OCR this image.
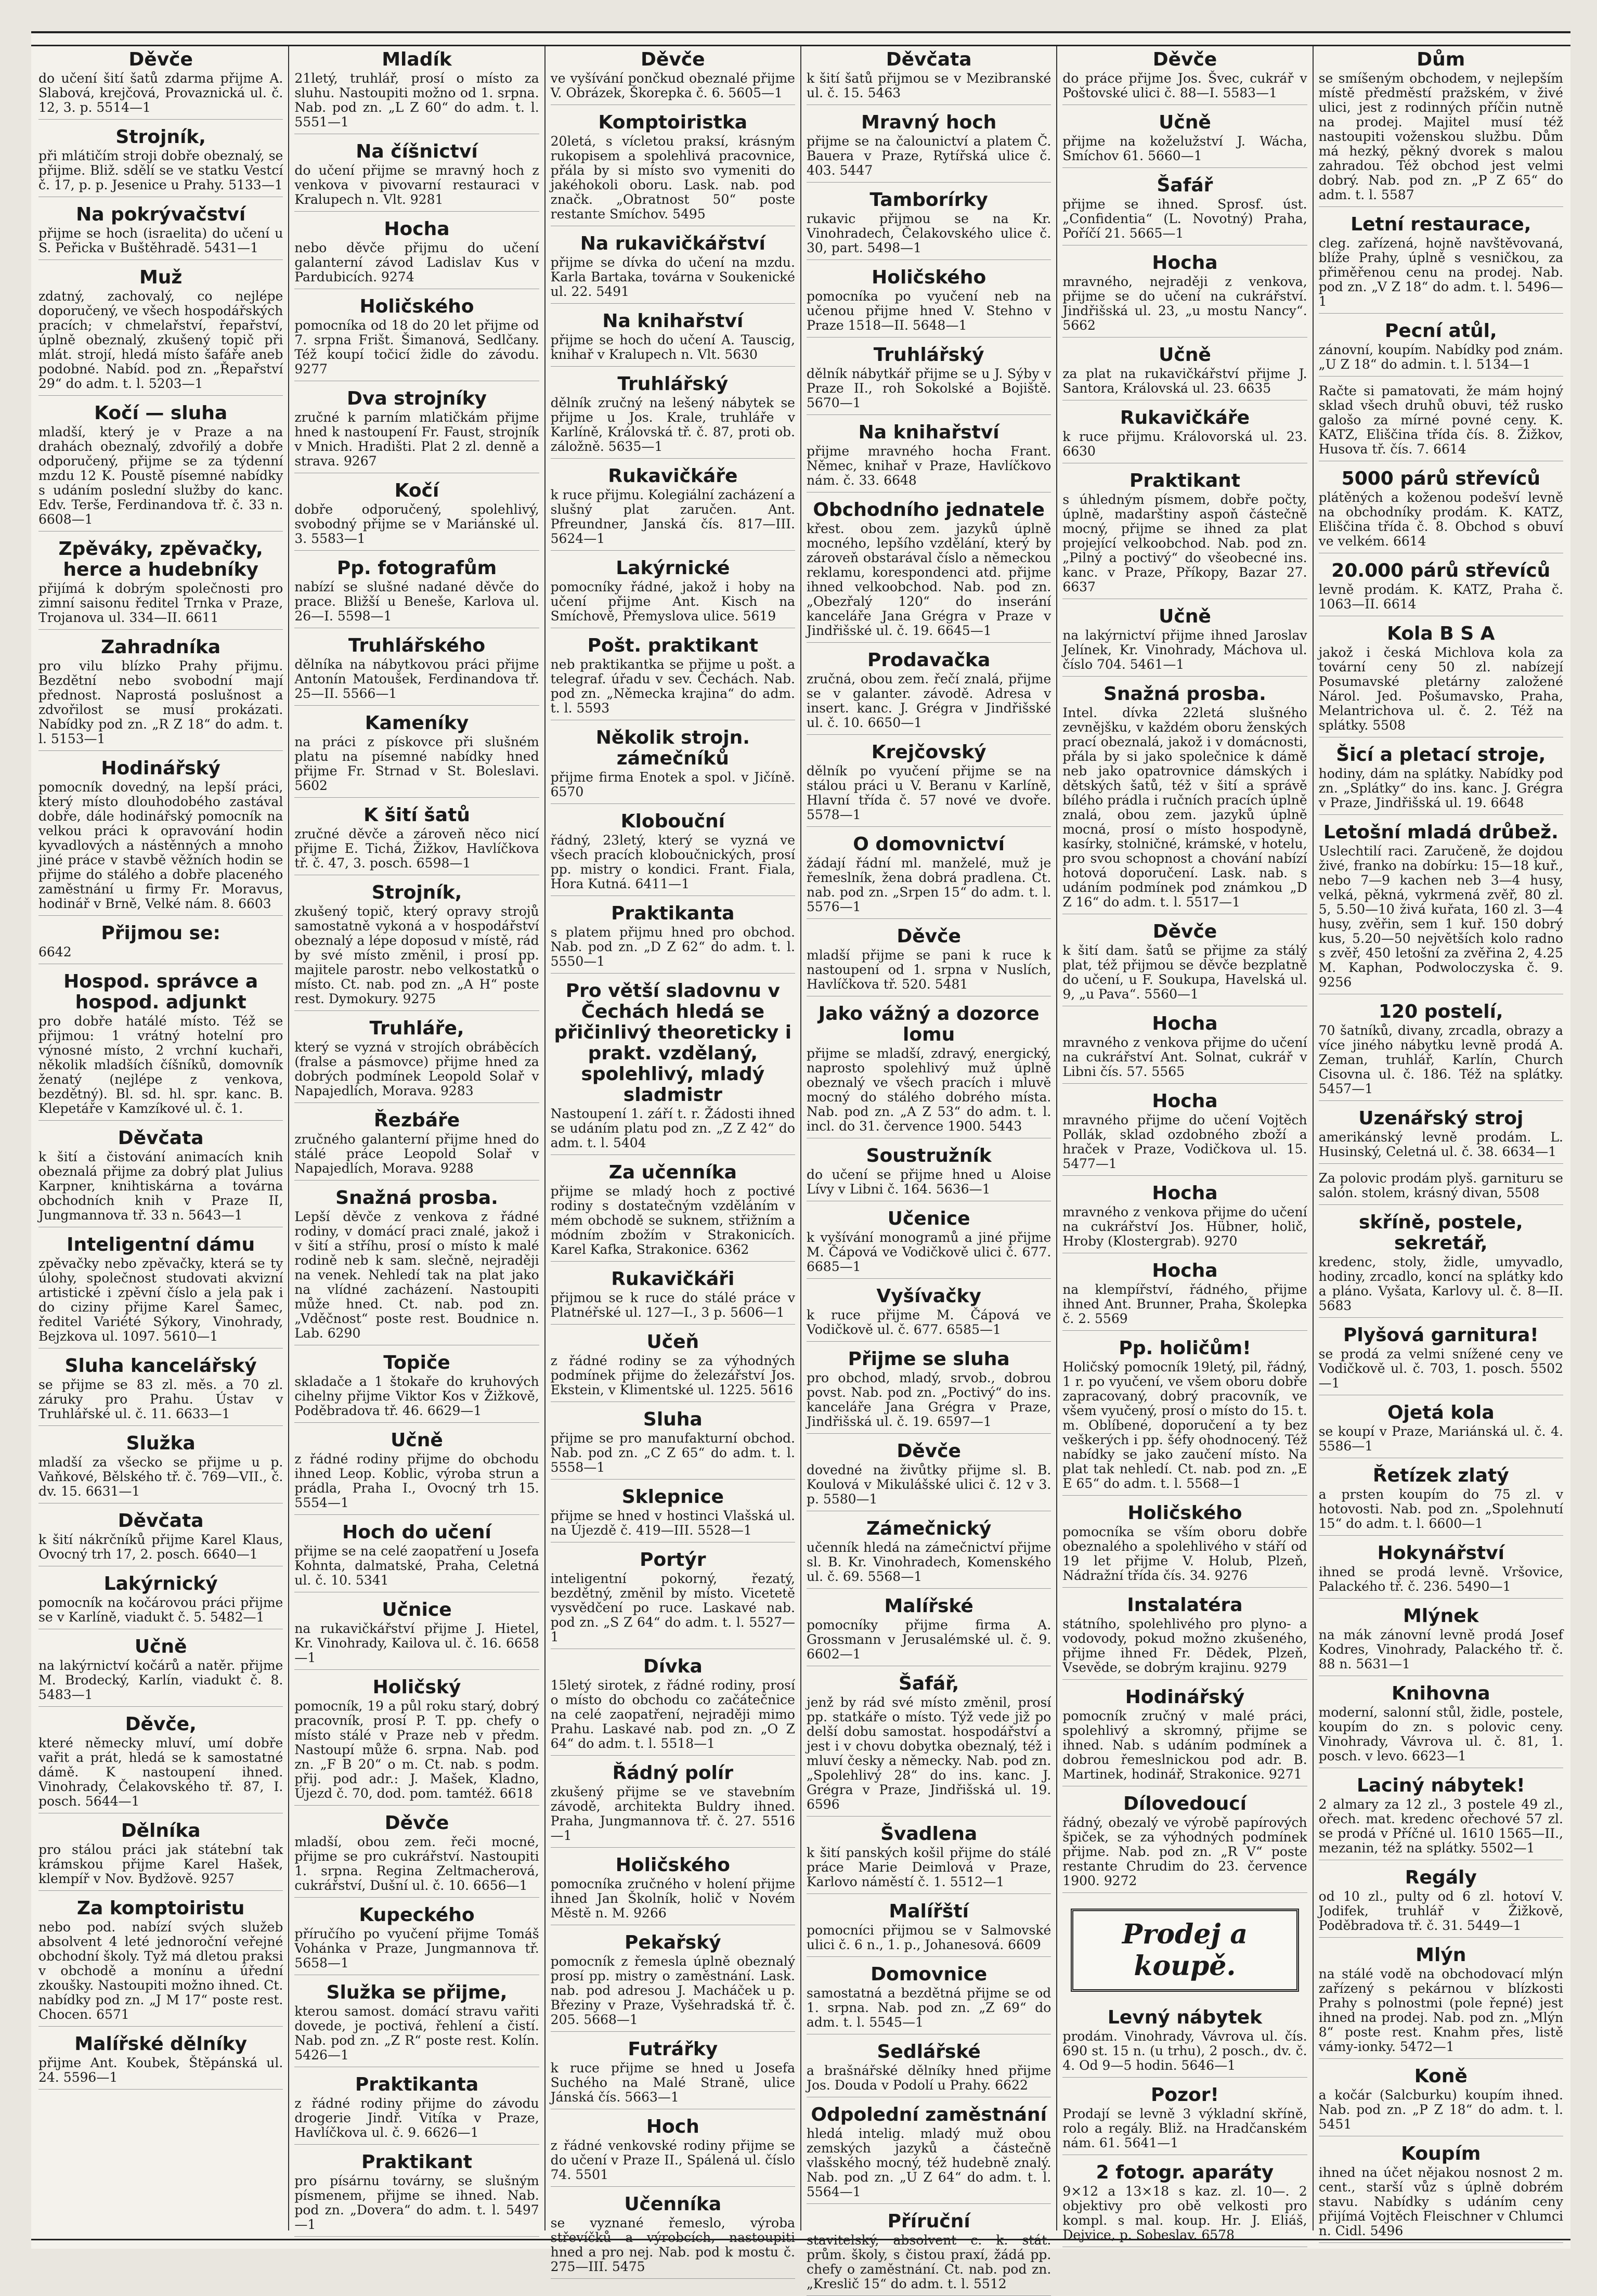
Děvče

do učení šití šatů zdarma přijme A. Slabová, krejčová, Provaznická ul. č. 12, 3. p. 5514—1

Strojník,

při mlátičím stroji dobře obeznalý, se přijme. Bliž. sdělí se ve statku Vestcí č. 17, p. p. Jesenice u Prahy. 5133—1

Na pokrývačství

přijme se hoch (israelita) do učení u S. Peřicka v Buštěhradě. 5431—1

Muž

zdatný, zachovalý, co nejlépe doporučený, ve všech hospodářských pracích; v chmelařství, řepařství, úplně obeznalý, zkušený topič při mlát. strojí, hledá místo šafáře aneb podobné. Nabíd. pod zn. „Řepařství 29“ do adm. t. l. 5203—1

Kočí — sluha

mladší, který je v Praze a na drahách obeznalý, zdvořilý a dobře odporučený, přijme se za týdenní mzdu 12 K. Poustě písemné nabídky s udáním poslední služby do kanc. Edv. Terše, Ferdinandova tř. č. 33 n. 6608—1

Zpěváky, zpěvačky, herce a hudebníky

přijímá k dobrým společnosti pro zimní saisonu ředitel Trnka v Praze, Trojanova ul. 334—II. 6611

Zahradníka

pro vilu blízko Prahy přijmu. Bezdětní nebo svobodní mají přednost. Naprostá poslušnost a zdvořilost se musí prokázati. Nabídky pod zn. „R Z 18“ do adm. t. l. 5153—1

Hodinářský

pomocník dovedný, na lepší práci, který místo dlouhodobého zastával dobře, dále hodinářský pomocník na velkou práci k opravování hodin kyvadlových a nástěnných a mnoho jiné práce v stavbě věžních hodin se přijme do stálého a dobře placeného zaměstnání u firmy Fr. Moravus, hodinář v Brně, Velké nám. 8. 6603

Přijmou se:

6642

Hospod. správce a hospod. adjunkt

pro dobře hatálé místo. Též se přijmou: 1 vrátný hotelní pro výnosné místo, 2 vrchní kuchaři, několik mladších číšníků, domovník ženatý (nejlépe z venkova, bezdětný). Bl. sd. hl. spr. kanc. B. Klepetáře v Kamzíkové ul. č. 1.

Děvčata

k šití a čistování animacích knih obeznalá přijme za dobrý plat Julius Karpner, knihtiskárna a továrna obchodních knih v Praze II, Jungmannova tř. 33 n. 5643—1

Inteligentní dámu

zpěvačky nebo zpěvačky, která se ty úlohy, společnost studovati akvizní artistické i zpěvní číslo a jela pak i do ciziny přijme Karel Šamec, ředitel Variété Sýkory, Vinohrady, Bejzkova ul. 1097. 5610—1

Sluha kancelářský

se přijme se 83 zl. měs. a 70 zl. záruky pro Prahu. Ústav v Truhlářské ul. č. 11. 6633—1

Služka

mladší za všecko se přijme u p. Vaňkové, Bělského tř. č. 769—VII., č. dv. 15. 6631—1

Děvčata

k šití nákrčníků přijme Karel Klaus, Ovocný trh 17, 2. posch. 6640—1

Lakýrnický

pomocník na kočárovou práci přijme se v Karlíně, viadukt č. 5. 5482—1

Učně

na lakýrnictví kočárů a natěr. přijme M. Brodecký, Karlín, viadukt č. 8. 5483—1

Děvče,

které německy mluví, umí dobře vařit a prát, hledá se k samostatné dámě. K nastoupení ihned. Vinohrady, Čelakovského tř. 87, I. posch. 5644—1

Dělníka

pro stálou práci jak státební tak krámskou přijme Karel Hašek, klempíř v Nov. Bydžově. 9257

Za komptoiristu

nebo pod. nabízí svých služeb absolvent 4 leté jednoroční veřejné obchodní školy. Tyž má dletou praksi v obchodě a monínu a úřední zkoušky. Nastoupiti možno ihned. Ct. nabídky pod zn. „J M 17“ poste rest. Chocen. 6571

Malířské dělníky

přijme Ant. Koubek, Štěpánská ul. 24. 5596—1

Mladík

21letý, truhlář, prosí o místo za sluhu. Nastoupiti možno od 1. srpna. Nab. pod zn. „L Z 60“ do adm. t. l. 5551—1

Na číšnictví

do učení přijme se mravný hoch z venkova v pivovarní restauraci v Kralupech n. Vlt. 9281

Hocha

nebo děvče přijmu do učení galanterní závod Ladislav Kus v Pardubicích. 9274

Holičského

pomocníka od 18 do 20 let přijme od 7. srpna Frišt. Šimanová, Sedlčany. Též koupí točicí židle do závodu. 9277

Dva strojníky

zručné k parním mlatičkám přijme hned k nastoupení Fr. Faust, strojník v Mnich. Hradišti. Plat 2 zl. denně a strava. 9267

Kočí

dobře odporučený, spolehlivý, svobodný přijme se v Mariánské ul. 3. 5583—1

Pp. fotografům

nabízí se slušné nadané děvče do prace. Bližší u Beneše, Karlova ul. 26—I. 5598—1

Truhlářského

dělníka na nábytkovou práci přijme Antonín Matoušek, Ferdinandova tř. 25—II. 5566—1

Kameníky

na práci z pískovce při slušném platu na písemné nabídky hned přijme Fr. Strnad v St. Boleslavi. 5602

K šití šatů

zručné děvče a zároveň něco nicí přijme E. Tichá, Žižkov, Havlíčkova tř. č. 47, 3. posch. 6598—1

Strojník,

zkušený topič, který opravy strojů samostatně vykoná a v hospodářství obeznalý a lépe doposud v místě, rád by své místo změnil, i prosí pp. majitele parostr. nebo velkostatků o místo. Ct. nab. pod zn. „A H“ poste rest. Dymokury. 9275

Truhláře,

který se vyzná v strojích obráběcích (fralse a pásmovce) přijme hned za dobrých podmínek Leopold Solař v Napajedlích, Morava. 9283

Řezbáře

zručného galanterní přijme hned do stálé práce Leopold Solař v Napajedlích, Morava. 9288

Snažná prosba.

Lepší děvče z venkova z řádné rodiny, v domácí praci znalé, jakož i v šití a stříhu, prosí o místo k malé rodině neb k sam. slečně, nejraději na venek. Nehledí tak na plat jako na vlídné zacházení. Nastoupiti může hned. Ct. nab. pod zn. „Vděčnost“ poste rest. Boudnice n. Lab. 6290

Topiče

skladače a 1 štokaře do kruhových cihelny přijme Viktor Kos v Žižkově, Poděbradova tř. 46. 6629—1

Učně

z řádné rodiny přijme do obchodu ihned Leop. Koblic, výroba strun a prádla, Praha I., Ovocný trh 15. 5554—1

Hoch do učení

přijme se na celé zaopatření u Josefa Kohnta, dalmatské, Praha, Celetná ul. č. 10. 5341

Učnice

na rukavičkářství přijme J. Hietel, Kr. Vinohrady, Kailova ul. č. 16. 6658—1

Holičský

pomocník, 19 a půl roku starý, dobrý pracovník, prosí P. T. pp. chefy o místo stálé v Praze neb v předm. Nastoupí může 6. srpna. Nab. pod zn. „F B 20“ o m. Ct. nab. s podm. přij. pod adr.: J. Mašek, Kladno, Újezd č. 70, dod. pom. tamtéž. 6618

Děvče

mladší, obou zem. řeči mocné, přijme se pro cukrářství. Nastoupiti 1. srpna. Regina Zeltmacherová, cukrářství, Dušní ul. č. 10. 6656—1

Kupeckého

příručího po vyučení přijme Tomáš Vohánka v Praze, Jungmannova tř. 5658—1

Služka se přijme,

kterou samost. domácí stravu vařiti dovede, je poctivá, řehlení a čistí. Nab. pod zn. „Z R“ poste rest. Kolín. 5426—1

Praktikanta

z řádné rodiny přijme do závodu drogerie Jindř. Vitíka v Praze, Havlíčkova ul. č. 9. 6626—1

Praktikant

pro písárnu továrny, se slušným písmenem, přijme se ihned. Nab. pod zn. „Dovera“ do adm. t. l. 5497—1

Děvče

ve vyšívání pončkud obeznalé přijme V. Obrázek, Škorepka č. 6. 5605—1

Komptoiristka

20letá, s vícletou praksí, krásným rukopisem a spolehlivá pracovnice, přála by si místo svo vymeniti do jakéhokoli oboru. Lask. nab. pod značk. „Obratnost 50“ poste restante Smíchov. 5495

Na rukavičkářství

přijme se dívka do učení na mzdu. Karla Bartaka, továrna v Soukenické ul. 22. 5491

Na knihařství

přijme se hoch do učení A. Tauscig, knihař v Kralupech n. Vlt. 5630

Truhlářský

dělník zručný na lešený nábytek se přijme u Jos. Krale, truhláře v Karlíně, Královská tř. č. 87, proti ob. záložně. 5635—1

Rukavičkáře

k ruce přijmu. Kolegiální zacházení a slušný plat zaručen. Ant. Pfreundner, Janská čís. 817—III. 5624—1

Lakýrnické

pomocníky řádné, jakož i hoby na učení přijme Ant. Kisch na Smíchově, Přemyslova ulice. 5619

Pošt. praktikant

neb praktikantka se přijme u pošt. a telegraf. úřadu v sev. Čechách. Nab. pod zn. „Německa krajina“ do adm. t. l. 5593

Několik strojn. zámečníků

přijme firma Enotek a spol. v Jičíně. 6570

Klobouční

řádný, 23letý, který se vyzná ve všech pracích kloboučnických, prosí pp. mistry o kondici. Frant. Fiala, Hora Kutná. 6411—1

Praktikanta

s platem přijmu hned pro obchod. Nab. pod zn. „D Z 62“ do adm. t. l. 5550—1

Pro větší sladovnu v Čechách hledá se přičinlivý theoreticky i prakt. vzdělaný, spolehlivý, mladý sladmistr

Nastoupení 1. září t. r. Žádosti ihned se udáním platu pod zn. „Z Z 42“ do adm. t. l. 5404

Za učenníka

přijme se mladý hoch z poctivé rodiny s dostatečným vzděláním v mém obchodě se suknem, střižním a módním zbožím v Strakonicích. Karel Kafka, Strakonice. 6362

Rukavičkáři

přijmou se k ruce do stálé práce v Platnéřské ul. 127—I., 3 p. 5606—1

Učeň

z řádné rodiny se za výhodných podmínek přijme do železářství Jos. Ekstein, v Klimentské ul. 1225. 5616

Sluha

přijme se pro manufakturní obchod. Nab. pod zn. „C Z 65“ do adm. t. l. 5558—1

Sklepnice

přijme se hned v hostinci Vlašská ul. na Újezdě č. 419—III. 5528—1

Portýr

inteligentní pokorný, řezatý, bezdětný, změnil by místo. Vicetetě vysvědčení po ruce. Laskavé nab. pod zn. „S Z 64“ do adm. t. l. 5527—1

Dívka

15letý sirotek, z řádné rodiny, prosí o místo do obchodu co začátečnice na celé zaopatření, nejraději mimo Prahu. Laskavé nab. pod zn. „O Z 64“ do adm. t. l. 5518—1

Řádný polír

zkušený přijme se ve stavebním závodě, architekta Buldry ihned. Praha, Jungmannova tř. č. 27. 5516—1

Holičského

pomocníka zručného v holení přijme ihned Jan Školník, holič v Novém Městě n. M. 9266

Pekařský

pomocník z řemesla úplně obeznalý prosí pp. mistry o zaměstnání. Lask. nab. pod adresou J. Macháček u p. Březiny v Praze, Vyšehradská tř. č. 205. 5668—1

Futrářky

k ruce přijme se hned u Josefa Suchého na Malé Straně, ulice Jánská čís. 5663—1

Hoch

z řádné venkovské rodiny přijme se do učení v Praze II., Spálená ul. číslo 74. 5501

Učenníka

se vyznané řemeslo, výroba střevíčků a výrobcích, nastoupiti hned a pro nej. Nab. pod k mostu č. 275—III. 5475

Děvčata

k šití šatů přijmou se v Mezibranské ul. č. 15. 5463

Mravný hoch

přijme se na čalounictví a platem Č. Bauera v Praze, Rytířská ulice č. 403. 5447

Tamborírky

rukavic přijmou se na Kr. Vinohradech, Čelakovského ulice č. 30, part. 5498—1

Holičského

pomocníka po vyučení neb na učenou přijme hned V. Stehno v Praze 1518—II. 5648—1

Truhlářský

dělník nábytkář přijme se u J. Sýby v Praze II., roh Sokolské a Bojiště. 5670—1

Na knihařství

přijme mravného hocha Frant. Němec, knihař v Praze, Havlíčkovo nám. č. 33. 6648

Obchodního jednatele

křest. obou zem. jazyků úplně mocného, lepšího vzdělání, který by zároveň obstarával číslo a německou reklamu, korespondenci atd. přijme ihned velkoobchod. Nab. pod zn. „Obezřalý 120“ do inserání kanceláře Jana Grégra v Praze v Jindřišské ul. č. 19. 6645—1

Prodavačka

zručná, obou zem. řečí znalá, přijme se v galanter. závodě. Adresa v insert. kanc. J. Grégra v Jindřišské ul. č. 10. 6650—1

Krejčovský

dělník po vyučení přijme se na stálou práci u V. Beranu v Karlíně, Hlavní třída č. 57 nové ve dvoře. 5578—1

O domovnictví

žádají řádní ml. manželé, muž je řemeslník, žena dobrá pradlena. Ct. nab. pod zn. „Srpen 15“ do adm. t. l. 5576—1

Děvče

mladší přijme se pani k ruce k nastoupení od 1. srpna v Nuslích, Havlíčkova tř. 520. 5481

Jako vážný a dozorce lomu

přijme se mladší, zdravý, energický, naprosto spolehlivý muž úplně obeznalý ve všech pracích i mluvě mocný do stálého dobrého místa. Nab. pod zn. „A Z 53“ do adm. t. l. incl. do 31. července 1900. 5443

Soustružník

do učení se přijme hned u Aloise Lívy v Libni č. 164. 5636—1

Učenice

k vyšívání monogramů a jiné přijme M. Čápová ve Vodičkově ulici č. 677. 6685—1

Vyšívačky

k ruce přijme M. Čápová ve Vodičkově ul. č. 677. 6585—1

Přijme se sluha

pro obchod, mladý, srvob., dobrou povst. Nab. pod zn. „Poctivý“ do ins. kanceláře Jana Grégra v Praze, Jindřišská ul. č. 19. 6597—1

Děvče

dovedné na živůtky přijme sl. B. Koulová v Mikulášské ulici č. 12 v 3. p. 5580—1

Zámečnický

učenník hledá na zámečnictví přijme sl. B. Kr. Vinohradech, Komenského ul. č. 69. 5568—1

Malířské

pomocníky přijme firma A. Grossmann v Jerusalémské ul. č. 9. 6602—1

Šafář,

jenž by rád své místo změnil, prosí pp. statkáře o místo. Týž vede již po delší dobu samostat. hospodářství a jest i v chovu dobytka obeznalý, též i mluví česky a německy. Nab. pod zn. „Spolehlivý 28“ do ins. kanc. J. Grégra v Praze, Jindřišská ul. 19. 6596

Švadlena

k šití panských košil přijme do stálé práce Marie Deimlová v Praze, Karlovo náměstí č. 1. 5512—1

Malířští

pomocníci přijmou se v Salmovské ulici č. 6 n., 1. p., Johanesová. 6609

Domovnice

samostatná a bezdětná přijme se od 1. srpna. Nab. pod zn. „Z 69“ do adm. t. l. 5545—1

Sedlářské

a brašnářské dělníky hned přijme Jos. Douda v Podolí u Prahy. 6622

Odpolední zaměstnání

hledá intelig. mladý muž obou zemských jazyků a částečně vlašského mocný, též hudebně znalý. Nab. pod zn. „U Z 64“ do adm. t. l. 5564—1

Příruční

stavitelský, absolvent c. k. stát. prům. školy, s čistou praxí, žádá pp. chefy o zaměstnání. Ct. nab. pod zn. „Kreslič 15“ do adm. t. l. 5512

Děvče

do práce přijme Jos. Švec, cukrář v Poštovské ulici č. 88—I. 5583—1

Učně

přijme na koželužství J. Wácha, Smíchov 61. 5660—1

Šafář

přijme se ihned. Sprosf. úst. „Confidentia“ (L. Novotný) Praha, Poříčí 21. 5665—1

Hocha

mravného, nejraději z venkova, přijme se do učení na cukrářství. Jindřišská ul. 23, „u mostu Nancy“. 5662

Učně

za plat na rukavičkářství přijme J. Santora, Královská ul. 23. 6635

Rukavičkáře

k ruce přijmu. Královorská ul. 23. 6630

Praktikant

s úhledným písmem, dobře počty, úplně, madarštiny aspoň částečně mocný, přijme se ihned za plat projející velkoobchod. Nab. pod zn. „Pilný a poctivý“ do všeobecné ins. kanc. v Praze, Příkopy, Bazar 27. 6637

Učně

na lakýrnictví přijme ihned Jaroslav Jelínek, Kr. Vinohrady, Máchova ul. číslo 704. 5461—1

Snažná prosba.

Intel. dívka 22letá slušného zevnějšku, v každém oboru ženských prací obeznalá, jakož i v domácnosti, přála by si jako společnice k dámě neb jako opatrovnice dámských i dětských šatů, též v šití a správě bílého prádla i ručních pracích úplně znalá, obou zem. jazyků úplně mocná, prosí o místo hospodyně, kasírky, stolničné, krámské, v hotelu, pro svou schopnost a chování nabízí hotová doporučení. Lask. nab. s udáním podmínek pod známkou „D Z 16“ do adm. t. l. 5517—1

Děvče

k šití dam. šatů se přijme za stálý plat, též přijmou se děvče bezplatně do učení, u F. Soukupa, Havelská ul. 9, „u Pava“. 5560—1

Hocha

mravného z venkova přijme do učení na cukrářství Ant. Solnat, cukrář v Libni čís. 57. 5565

Hocha

mravného přijme do učení Vojtěch Pollák, sklad ozdobného zboží a hraček v Praze, Vodičkova ul. 15. 5477—1

Hocha

mravného z venkova přijme do učení na cukrářství Jos. Hübner, holič, Hroby (Klostergrab). 9270

Hocha

na klempířství, řádného, přijme ihned Ant. Brunner, Praha, Školepka č. 2. 5569

Pp. holičům!

Holičský pomocník 19letý, pil, řádný, 1 r. po vyučení, ve všem oboru dobře zapracovaný, dobrý pracovník, ve všem vyučený, prosí o místo do 15. t. m. Oblíbené, doporučení a ty bez veškerých i pp. šéfy ohodnocený. Též nabídky se jako zaučení místo. Na plat tak nehledí. Ct. nab. pod zn. „E E 65“ do adm. t. l. 5568—1

Holičského

pomocníka se vším oboru dobře obeznalého a spolehlivého v stáří od 19 let přijme V. Holub, Plzeň, Nádražní třída čís. 34. 9276

Instalatéra

státního, spolehlivého pro plyno- a vodovody, pokud možno zkušeného, přijme ihned Fr. Dědek, Plzeň, Vsevěde, se dobrým krajinu. 9279

Hodinářský

pomocník zručný v malé práci, spolehlivý a skromný, přijme se ihned. Nab. s udáním podmínek a dobrou řemeslnickou pod adr. B. Martinek, hodinář, Strakonice. 9271

Dílovedoucí

řádný, obezalý ve výrobě papírových špiček, se za výhodných podmínek přijme. Nab. pod zn. „R V“ poste restante Chrudim do 23. července 1900. 9272

Prodej a koupě.
Levný nábytek

prodám. Vinohrady, Vávrova ul. čís. 690 st. 15 n. (u trhu), 2 posch., dv. č. 4. Od 9—5 hodin. 5646—1

Pozor!

Prodají se levně 3 výkladní skříně, rolo a regály. Bliž. na Hradčanském nám. 61. 5641—1

2 fotogr. aparáty

9×12 a 13×18 s kaz. zl. 10—. 2 objektivy pro obě velkosti pro kompl. s mal. koup. Hr. J. Eliáš, Dejvice, p. Sobeslav. 6578

Dům

se smíšeným obchodem, v nejlepším místě předměstí pražském, v živé ulici, jest z rodinných příčin nutně na prodej. Majitel musí též nastoupiti voženskou službu. Dům má hezký, pěkný dvorek s malou zahradou. Též obchod jest velmi dobrý. Nab. pod zn. „P Z 65“ do adm. t. l. 5587

Letní restaurace,

cleg. zařízená, hojně navštěvovaná, blíže Prahy, úplně s vesničkou, za přiměřenou cenu na prodej. Nab. pod zn. „V Z 18“ do adm. t. l. 5496—1

Pecní atůl,

zánovní, koupím. Nabídky pod znám. „U Z 18“ do admin. t. l. 5134—1

Račte si pamatovati, že mám hojný sklad všech druhů obuvi, též rusko galošo za mírné povné ceny. K. KATZ, Eliščina třída čís. 8. Žižkov, Husova tř. čís. 7. 6614

5000 párů střevíců

plátěných a koženou podešví levně na obchodníky prodám. K. KATZ, Eliščina třída č. 8. Obchod s obuví ve velkém. 6614

20.000 párů střevíců

levně prodám. K. KATZ, Praha č. 1063—II. 6614

Kola B S A

jakož i česká Michlova kola za tovární ceny 50 zl. nabízejí Posumavské pletárny založené Nárol. Jed. Pošumavsko, Praha, Melantrichova ul. č. 2. Též na splátky. 5508

Šicí a pletací stroje,

hodiny, dám na splátky. Nabídky pod zn. „Splátky“ do ins. kanc. J. Grégra v Praze, Jindřišská ul. 19. 6648

Letošní mladá drůbež.

Uslechtilí raci. Zaručeně, že dojdou živé, franko na dobírku: 15—18 kuř., nebo 7—9 kachen neb 3—4 husy, velká, pěkná, vykrmená zvěř, 80 zl. 5, 5.50—10 živá kuřata, 160 zl. 3—4 husy, zvěřin, sem 1 kuř. 150 dobrý kus, 5.20—50 největších kolo radno s zvěř, 450 letošní za zvěřina 2, 4.25 M. Kaphan, Podwoloczyska č. 9. 9256

120 postelí,

70 šatníků, divany, zrcadla, obrazy a více jiného nábytku levně prodá A. Zeman, truhlář, Karlín, Church Cisovna ul. č. 186. Též na splátky. 5457—1

Uzenářský stroj

amerikánský levně prodám. L. Husinský, Celetná ul. č. 38. 6634—1

Za polovic prodám plyš. garnituru se salón. stolem, krásný divan, 5508

skříně, postele, sekretář,

kredenc, stoly, židle, umyvadlo, hodiny, zrcadlo, koncí na splátky kdo a pláno. Vyšata, Karlovy ul. č. 8—II. 5683

Plyšová garnitura!

se prodá za velmi snížené ceny ve Vodičkově ul. č. 703, 1. posch. 5502—1

Ojetá kola

se koupí v Praze, Mariánská ul. č. 4. 5586—1

Řetízek zlatý

a prsten koupím do 75 zl. v hotovosti. Nab. pod zn. „Spolehnutí 15“ do adm. t. l. 6600—1

Hokynářství

ihned se prodá levně. Vršovice, Palackého tř. č. 236. 5490—1

Mlýnek

na mák zánovní levně prodá Josef Kodres, Vinohrady, Palackého tř. č. 88 n. 5631—1

Knihovna

moderní, salonní stůl, židle, postele, koupím do zn. s polovic ceny. Vinohrady, Vávrova ul. č. 81, 1. posch. v levo. 6623—1

Laciný nábytek!

2 almary za 12 zl., 3 postele 49 zl., ořech. mat. kredenc ořechové 57 zl. se prodá v Příčné ul. 1610 1565—II., mezanin, též na splátky. 5502—1

Regály

od 10 zl., pulty od 6 zl. hotoví V. Jodifek, truhlář v Žižkově, Poděbradova tř. č. 31. 5449—1

Mlýn

na stálé vodě na obchodovací mlýn zařízený s pekárnou v blízkosti Prahy s polnostmi (pole řepné) jest ihned na prodej. Nab. pod zn. „Mlýn 8“ poste rest. Knahm přes, listě vámy-ionky. 5472—1

Koně

a kočár (Salcburku) koupím ihned. Nab. pod zn. „P Z 18“ do adm. t. l. 5451

Koupím

ihned na účet nějakou nosnost 2 m. cent., starší vůz s úplně dobrém stavu. Nabídky s udáním ceny přijímá Vojtěch Fleischner v Chlumci n. Cidl. 5496
